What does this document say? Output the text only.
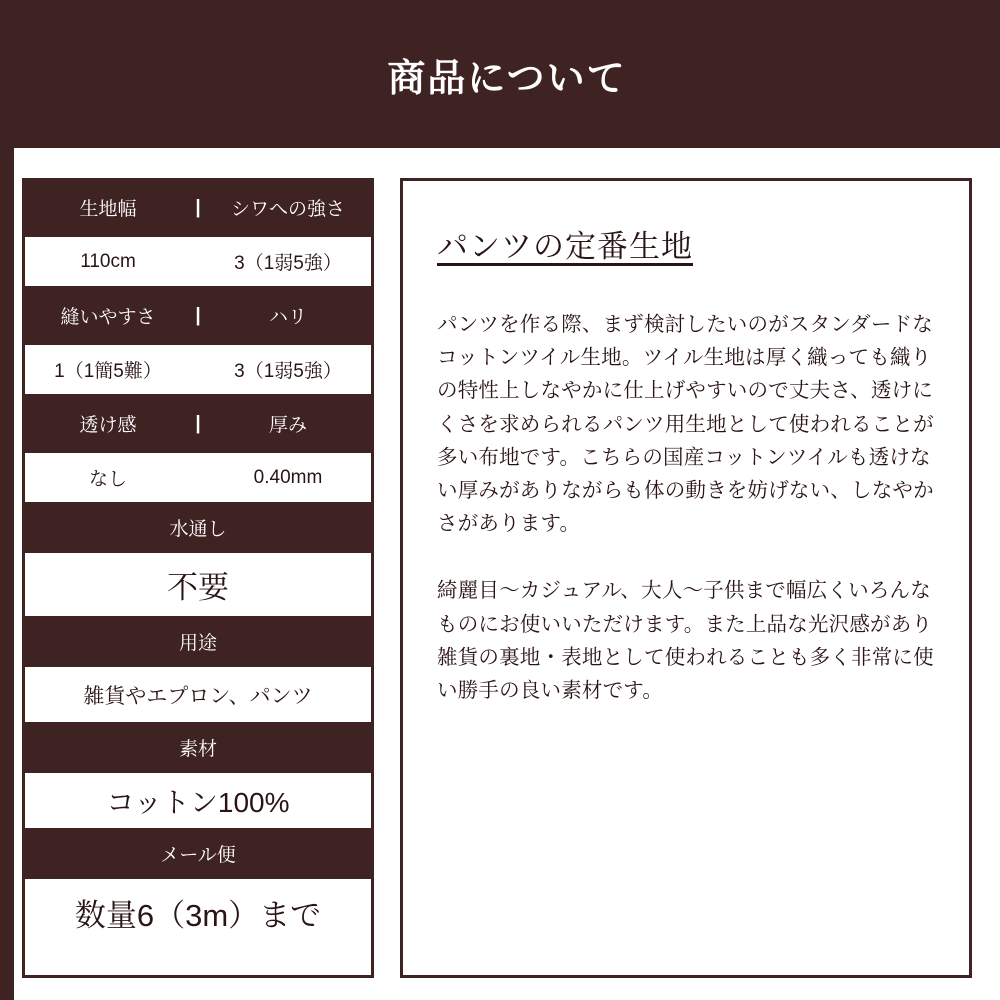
商品について
生地幅	|	シワへの強さ
110cm	3（1弱5強）
縫いやすさ	|	ハリ
1（1簡5難）	3（1弱5強）
透け感	|	厚み
なし	0.40mm
水通し
不要
用途
雑貨やエプロン、パンツ
素材
コットン100%
メール便
数量6（3m）まで
パンツの定番生地

パンツを作る際、まず検討したいのがスタンダードなコットンツイル生地。ツイル生地は厚く織っても織りの特性上しなやかに仕上げやすいので丈夫さ、透けにくさを求められるパンツ用生地として使われることが多い布地です。こちらの国産コットンツイルも透けない厚みがありながらも体の動きを妨げない、しなやかさがあります。

綺麗目〜カジュアル、大人〜子供まで幅広くいろんなものにお使いいただけます。また上品な光沢感があり雑貨の裏地・表地として使われることも多く非常に使い勝手の良い素材です。
